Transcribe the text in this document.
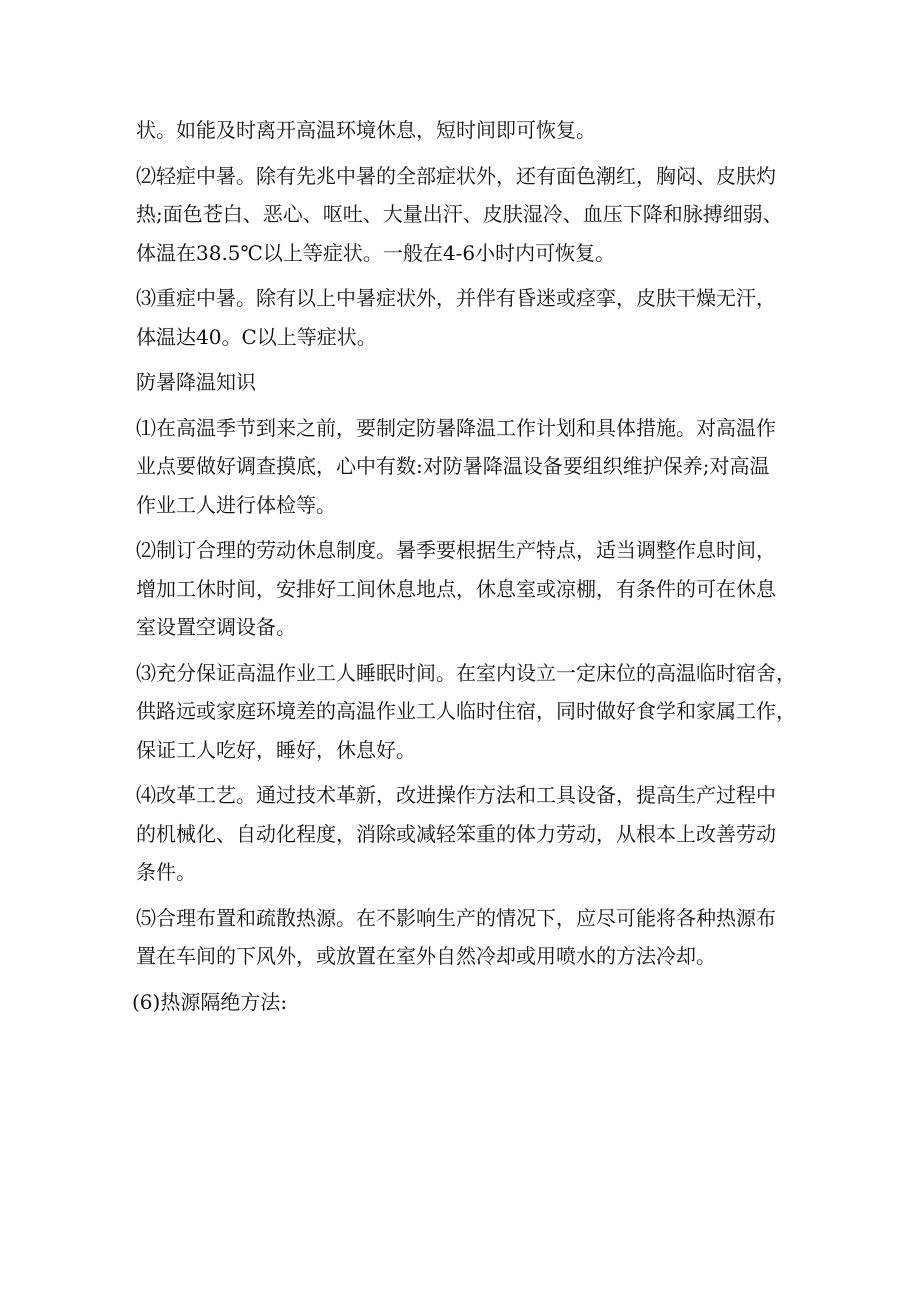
状。如能及时离开高温环境休息，短时间即可恢复。

⑵轻症中暑。除有先兆中暑的全部症状外，还有面色潮红，胸闷、皮肤灼
热;面色苍白、恶心、呕吐、大量出汗、皮肤湿冷、血压下降和脉搏细弱、
体温在38.5℃以上等症状。一般在4-6小时内可恢复。

⑶重症中暑。除有以上中暑症状外，并伴有昏迷或痉挛，皮肤干燥无汗，
体温达40。C以上等症状。

防暑降温知识

⑴在高温季节到来之前，要制定防暑降温工作计划和具体措施。对高温作
业点要做好调查摸底，心中有数:对防暑降温设备要组织维护保养;对高温
作业工人进行体检等。

⑵制订合理的劳动休息制度。暑季要根据生产特点，适当调整作息时间，
增加工休时间，安排好工间休息地点，休息室或凉棚，有条件的可在休息
室设置空调设备。

⑶充分保证高温作业工人睡眠时间。在室内设立一定床位的高温临时宿舍，
供路远或家庭环境差的高温作业工人临时住宿，同时做好食学和家属工作，
保证工人吃好，睡好，休息好。

⑷改革工艺。通过技术革新，改进操作方法和工具设备，提高生产过程中
的机械化、自动化程度，消除或减轻笨重的体力劳动，从根本上改善劳动
条件。

⑸合理布置和疏散热源。在不影响生产的情况下，应尽可能将各种热源布
置在车间的下风外，或放置在室外自然冷却或用喷水的方法冷却。

(6)热源隔绝方法:
